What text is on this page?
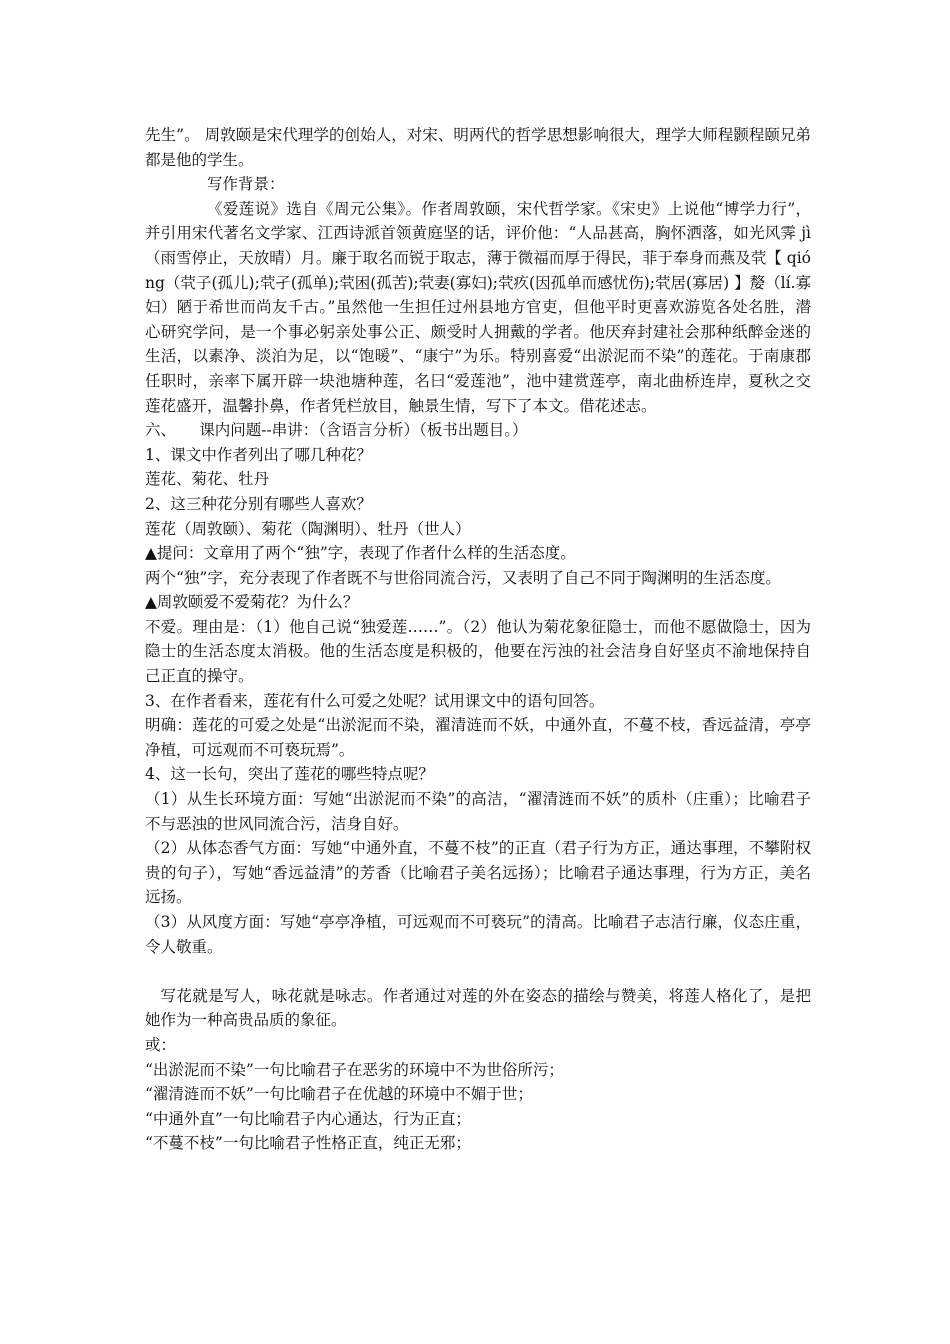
先生”。 周敦颐是宋代理学的创始人，对宋、明两代的哲学思想影响很大，理学大师程颢程颐兄弟都是他的学生。

写作背景：

《爱莲说》选自《周元公集》。作者周敦颐，宋代哲学家。《宋史》上说他“博学力行”，并引用宋代著名文学家、江西诗派首领黄庭坚的话，评价他：“人品甚高，胸怀洒落，如光风霁 jì（雨雪停止，天放晴）月。廉于取名而锐于取志，薄于微福而厚于得民，菲于奉身而燕及茕【 qióng（茕子(孤儿);茕孑(孤单);茕困(孤苦);茕妻(寡妇);茕疚(因孤单而感忧伤);茕居(寡居) 】嫠（lí.寡妇）陋于希世而尚友千古。”虽然他一生担任过州县地方官吏，但他平时更喜欢游览各处名胜，潜心研究学问，是一个事必躬亲处事公正、颇受时人拥戴的学者。他厌弃封建社会那种纸醉金迷的生活，以素净、淡泊为足，以“饱暖”、“康宁”为乐。特别喜爱“出淤泥而不染”的莲花。于南康郡任职时，亲率下属开辟一块池塘种莲，名曰“爱莲池”，池中建赏莲亭，南北曲桥连岸，夏秋之交莲花盛开，温馨扑鼻，作者凭栏放目，触景生情，写下了本文。借花述志。

六、　　课内问题--串讲：（含语言分析）（板书出题目。）

1、课文中作者列出了哪几种花？

莲花、菊花、牡丹

2、这三种花分别有哪些人喜欢？

莲花（周敦颐）、菊花（陶渊明）、牡丹（世人）

▲提问：文章用了两个“独”字，表现了作者什么样的生活态度。

两个“独”字，充分表现了作者既不与世俗同流合污，又表明了自己不同于陶渊明的生活态度。

▲周敦颐爱不爱菊花？为什么？

不爱。理由是：（1）他自己说“独爱莲……”。（2）他认为菊花象征隐士，而他不愿做隐士，因为隐士的生活态度太消极。他的生活态度是积极的，他要在污浊的社会洁身自好坚贞不渝地保持自己正直的操守。

3、在作者看来，莲花有什么可爱之处呢？试用课文中的语句回答。

明确：莲花的可爱之处是“出淤泥而不染，濯清涟而不妖，中通外直，不蔓不枝，香远益清，亭亭净植，可远观而不可亵玩焉”。

4、这一长句，突出了莲花的哪些特点呢？

（1）从生长环境方面：写她“出淤泥而不染”的高洁，“濯清涟而不妖”的质朴（庄重）；比喻君子不与恶浊的世风同流合污，洁身自好。

（2）从体态香气方面：写她“中通外直，不蔓不枝”的正直（君子行为方正，通达事理，不攀附权贵的句子），写她“香远益清”的芳香（比喻君子美名远扬）；比喻君子通达事理，行为方正，美名远扬。

（3）从风度方面：写她“亭亭净植，可远观而不可亵玩”的清高。比喻君子志洁行廉，仪态庄重，令人敬重。

写花就是写人，咏花就是咏志。作者通过对莲的外在姿态的描绘与赞美，将莲人格化了，是把她作为一种高贵品质的象征。

或：

“出淤泥而不染”一句比喻君子在恶劣的环境中不为世俗所污；

“濯清涟而不妖”一句比喻君子在优越的环境中不媚于世；

“中通外直”一句比喻君子内心通达，行为正直；

“不蔓不枝”一句比喻君子性格正直，纯正无邪；
